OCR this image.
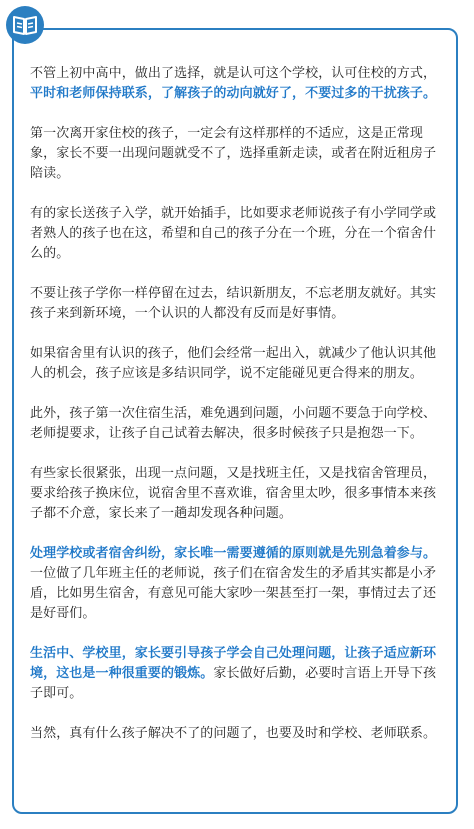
不管上初中高中，做出了选择，就是认可这个学校，认可住校的方式，平时和老师保持联系，了解孩子的动向就好了，不要过多的干扰孩子。

第一次离开家住校的孩子，一定会有这样那样的不适应，这是正常现象，家长不要一出现问题就受不了，选择重新走读，或者在附近租房子陪读。

有的家长送孩子入学，就开始插手，比如要求老师说孩子有小学同学或者熟人的孩子也在这，希望和自己的孩子分在一个班，分在一个宿舍什么的。

不要让孩子学你一样停留在过去，结识新朋友，不忘老朋友就好。其实孩子来到新环境，一个认识的人都没有反而是好事情。

如果宿舍里有认识的孩子，他们会经常一起出入，就减少了他认识其他人的机会，孩子应该是多结识同学，说不定能碰见更合得来的朋友。

此外，孩子第一次住宿生活，难免遇到问题，小问题不要急于向学校、老师提要求，让孩子自己试着去解决，很多时候孩子只是抱怨一下。

有些家长很紧张，出现一点问题，又是找班主任，又是找宿舍管理员，要求给孩子换床位，说宿舍里不喜欢谁，宿舍里太吵，很多事情本来孩子都不介意，家长来了一趟却发现各种问题。

处理学校或者宿舍纠纷，家长唯一需要遵循的原则就是先别急着参与。一位做了几年班主任的老师说，孩子们在宿舍发生的矛盾其实都是小矛盾，比如男生宿舍，有意见可能大家吵一架甚至打一架，事情过去了还是好哥们。

生活中、学校里，家长要引导孩子学会自己处理问题，让孩子适应新环境，这也是一种很重要的锻炼。家长做好后勤，必要时言语上开导下孩子即可。

当然，真有什么孩子解决不了的问题了，也要及时和学校、老师联系。
